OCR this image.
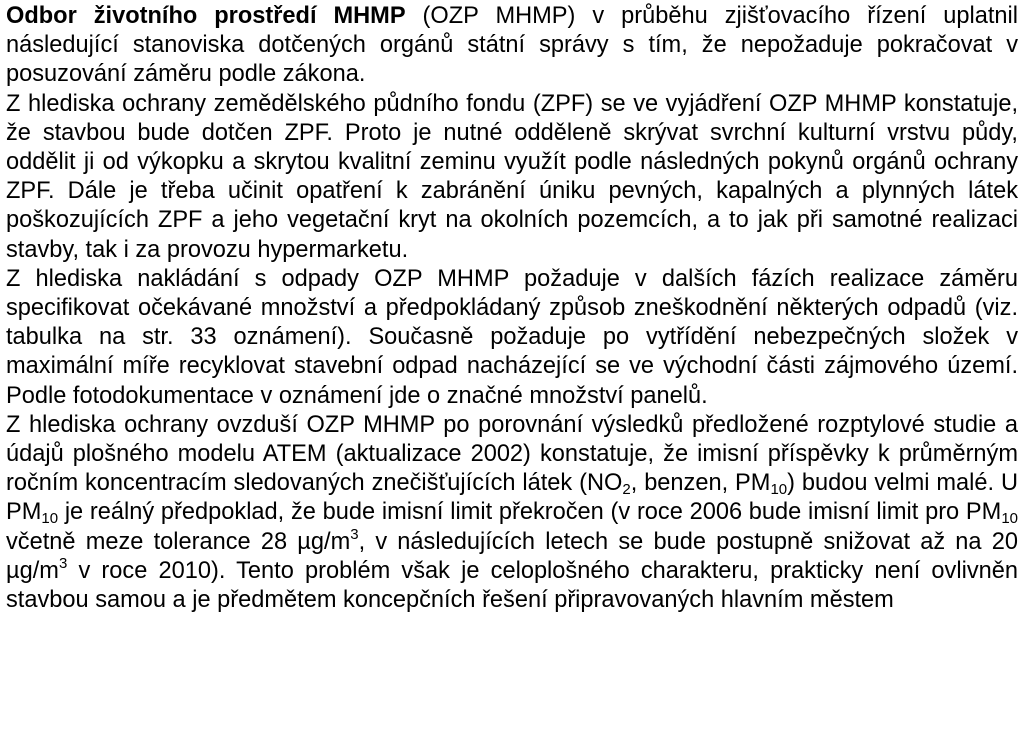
Odbor životního prostředí MHMP (OZP MHMP) v průběhu zjišťovacího řízení uplatnil následující stanoviska dotčených orgánů státní správy s tím, že nepožaduje pokračovat v posuzování záměru podle zákona.

Z hlediska ochrany zemědělského půdního fondu (ZPF) se ve vyjádření OZP MHMP konstatuje, že stavbou bude dotčen ZPF. Proto je nutné odděleně skrývat svrchní kulturní vrstvu půdy, oddělit ji od výkopku a skrytou kvalitní zeminu využít podle následných pokynů orgánů ochrany ZPF. Dále je třeba učinit opatření k zabránění úniku pevných, kapalných a plynných látek poškozujících ZPF a jeho vegetační kryt na okolních pozemcích, a to jak při samotné realizaci stavby, tak i za provozu hypermarketu.

Z hlediska nakládání s odpady OZP MHMP požaduje v dalších fázích realizace záměru specifikovat očekávané množství a předpokládaný způsob zneškodnění některých odpadů (viz. tabulka na str. 33 oznámení). Současně požaduje po vytřídění nebezpečných složek v maximální míře recyklovat stavební odpad nacházející se ve východní části zájmového území. Podle fotodokumentace v oznámení jde o značné množství panelů.

Z hlediska ochrany ovzduší OZP MHMP po porovnání výsledků předložené rozptylové studie a údajů plošného modelu ATEM (aktualizace 2002) konstatuje, že imisní příspěvky k průměrným ročním koncentracím sledovaných znečišťujících látek ($NO_2$, benzen, $PM_{10}$) budou velmi malé. U $PM_{10}$ je reálný předpoklad, že bude imisní limit překročen (v roce 2006 bude imisní limit pro $PM_{10}$ včetně meze tolerance 28 $\mu g/m^3$, v následujících letech se bude postupně snižovat až na 20 $\mu g/m^3$ v roce 2010). Tento problém však je celoplošného charakteru, prakticky není ovlivněn stavbou samou a je předmětem koncepčních řešení připravovaných hlavním městem
